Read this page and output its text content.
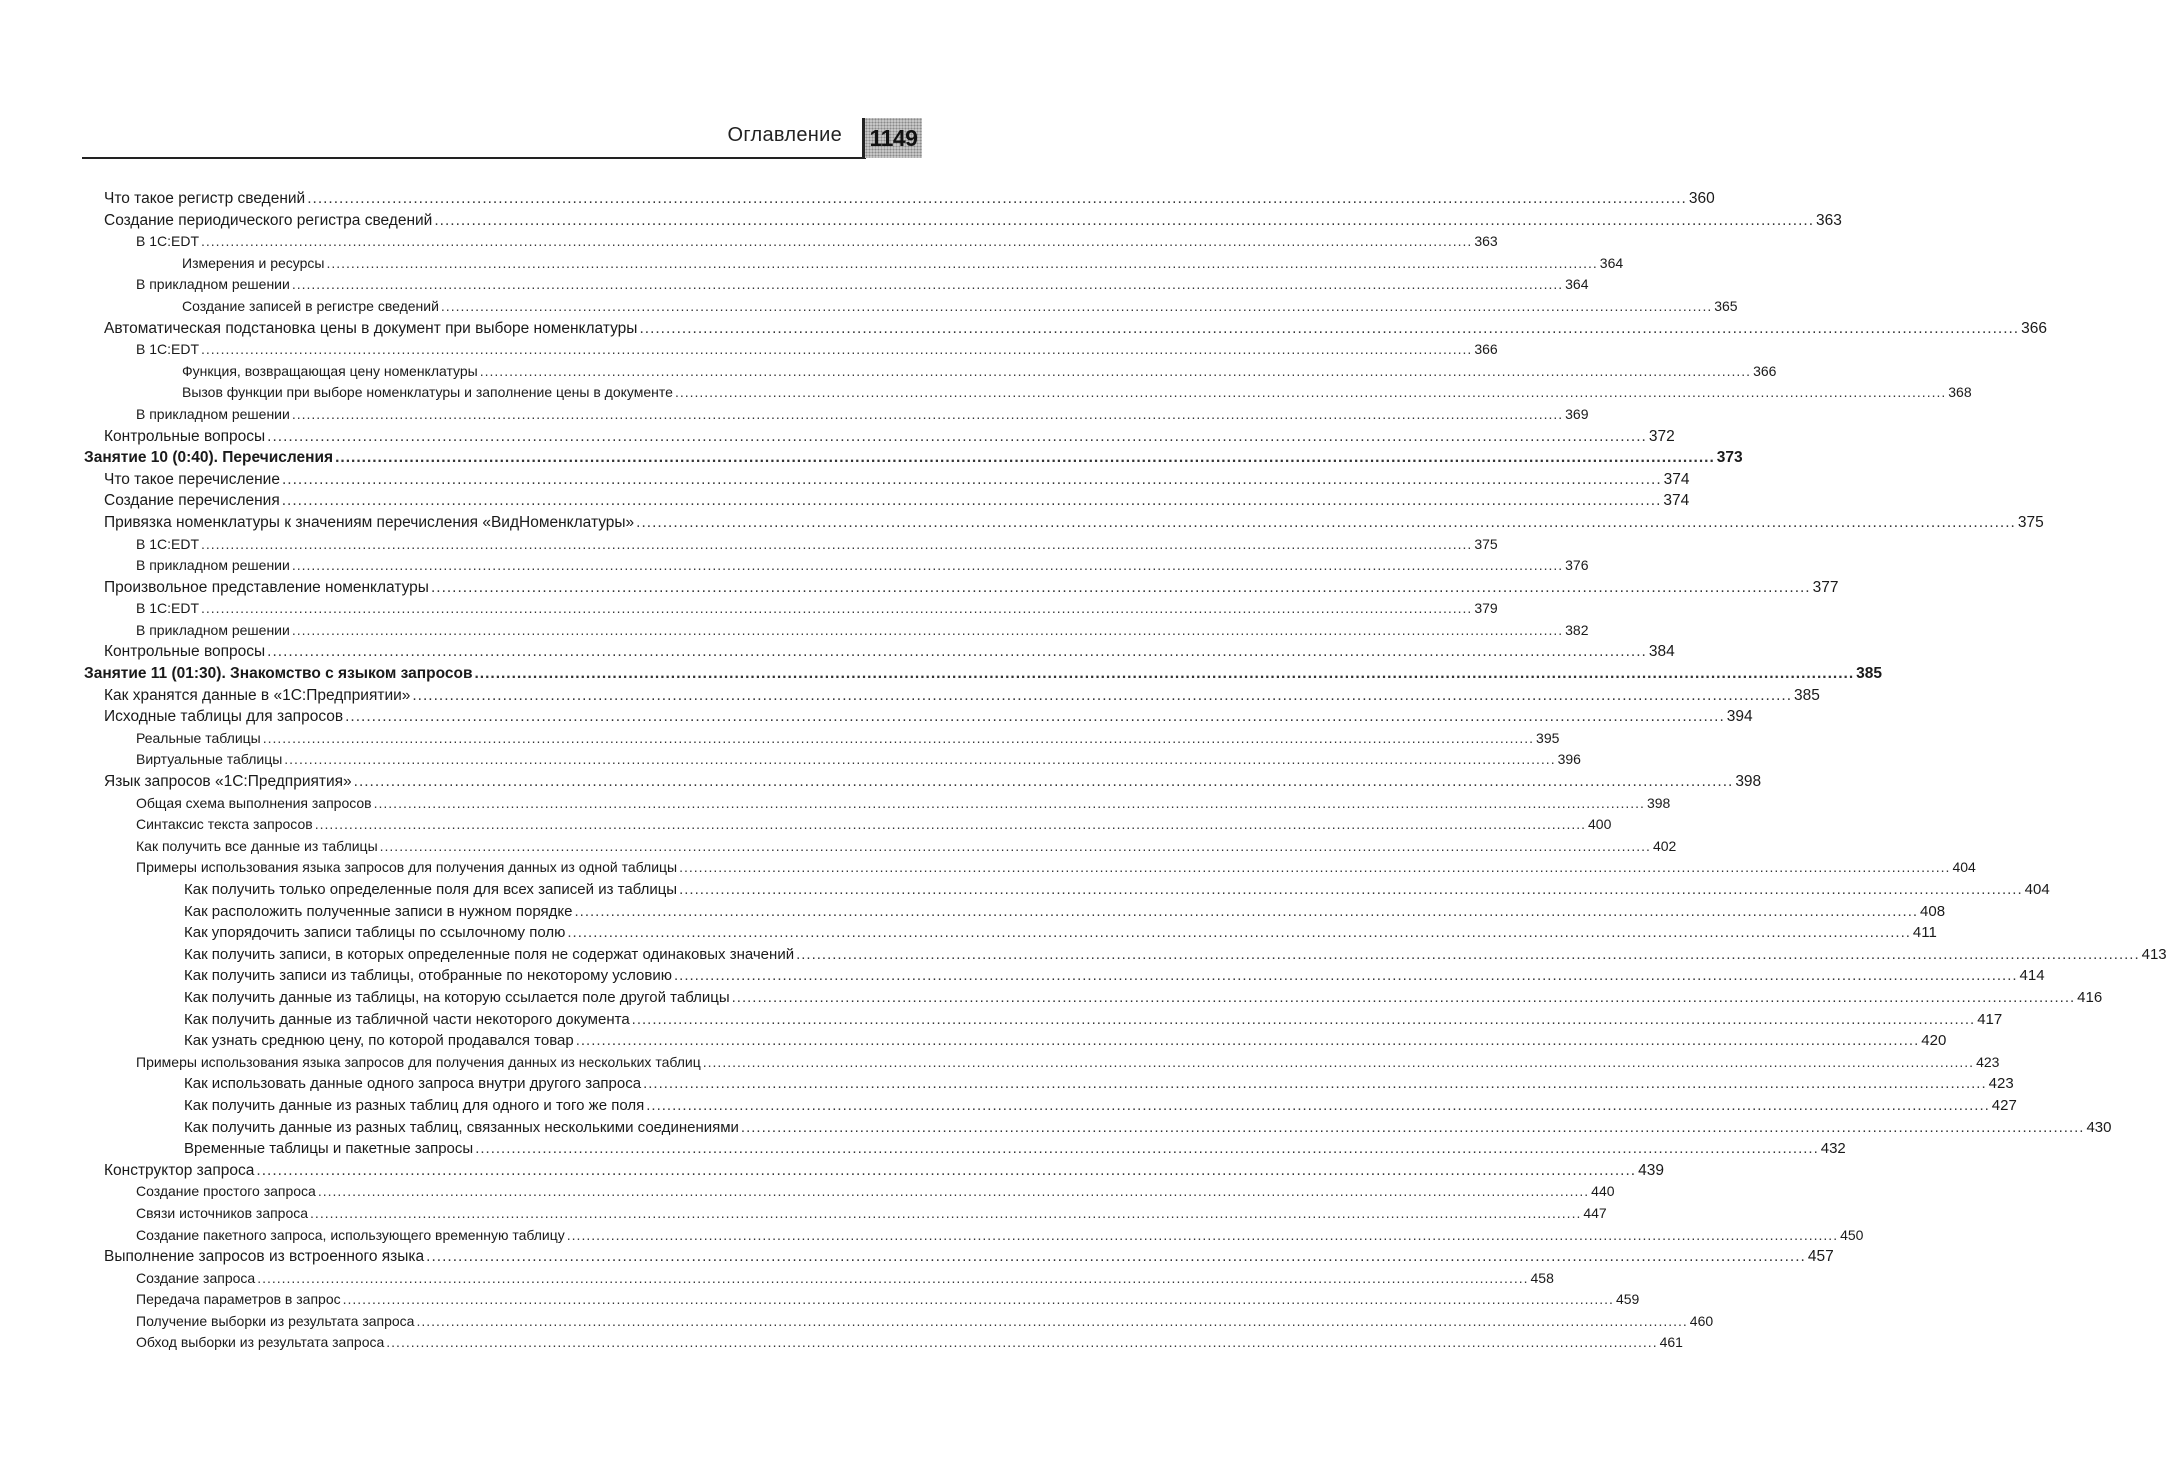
Оглавление 1149
Что такое регистр сведений .....	360
Создание периодического регистра сведений .....	363
В 1С:EDT .....	363
Измерения и ресурсы .....	364
В прикладном решении .....	364
Создание записей в регистре сведений .....	365
Автоматическая подстановка цены в документ при выборе номенклатуры .....	366
В 1С:EDT .....	366
Функция, возвращающая цену номенклатуры .....	366
Вызов функции при выборе номенклатуры и заполнение цены в документе .....	368
В прикладном решении .....	369
Контрольные вопросы .....	372
Занятие 10 (0:40). Перечисления .....	373
Что такое перечисление .....	374
Создание перечисления .....	374
Привязка номенклатуры к значениям перечисления «ВидНоменклатуры» .....	375
В 1С:EDT .....	375
В прикладном решении .....	376
Произвольное представление номенклатуры .....	377
В 1С:EDT .....	379
В прикладном решении .....	382
Контрольные вопросы .....	384
Занятие 11 (01:30). Знакомство с языком запросов .....	385
Как хранятся данные в «1С:Предприятии» .....	385
Исходные таблицы для запросов .....	394
Реальные таблицы .....	395
Виртуальные таблицы .....	396
Язык запросов «1С:Предприятия» .....	398
Общая схема выполнения запросов .....	398
Синтаксис текста запросов .....	400
Как получить все данные из таблицы .....	402
Примеры использования языка запросов для получения данных из одной таблицы .....	404
Как получить только определенные поля для всех записей из таблицы .....	404
Как расположить полученные записи в нужном порядке .....	408
Как упорядочить записи таблицы по ссылочному полю .....	411
Как получить записи, в которых определенные поля не содержат одинаковых значений .....	413
Как получить записи из таблицы, отобранные по некоторому условию .....	414
Как получить данные из таблицы, на которую ссылается поле другой таблицы .....	416
Как получить данные из табличной части некоторого документа .....	417
Как узнать среднюю цену, по которой продавался товар .....	420
Примеры использования языка запросов для получения данных из нескольких таблиц .....	423
Как использовать данные одного запроса внутри другого запроса .....	423
Как получить данные из разных таблиц для одного и того же поля .....	427
Как получить данные из разных таблиц, связанных несколькими соединениями .....	430
Временные таблицы и пакетные запросы .....	432
Конструктор запроса .....	439
Создание простого запроса .....	440
Связи источников запроса .....	447
Создание пакетного запроса, использующего временную таблицу .....	450
Выполнение запросов из встроенного языка .....	457
Создание запроса .....	458
Передача параметров в запрос .....	459
Получение выборки из результата запроса .....	460
Обход выборки из результата запроса .....	461
